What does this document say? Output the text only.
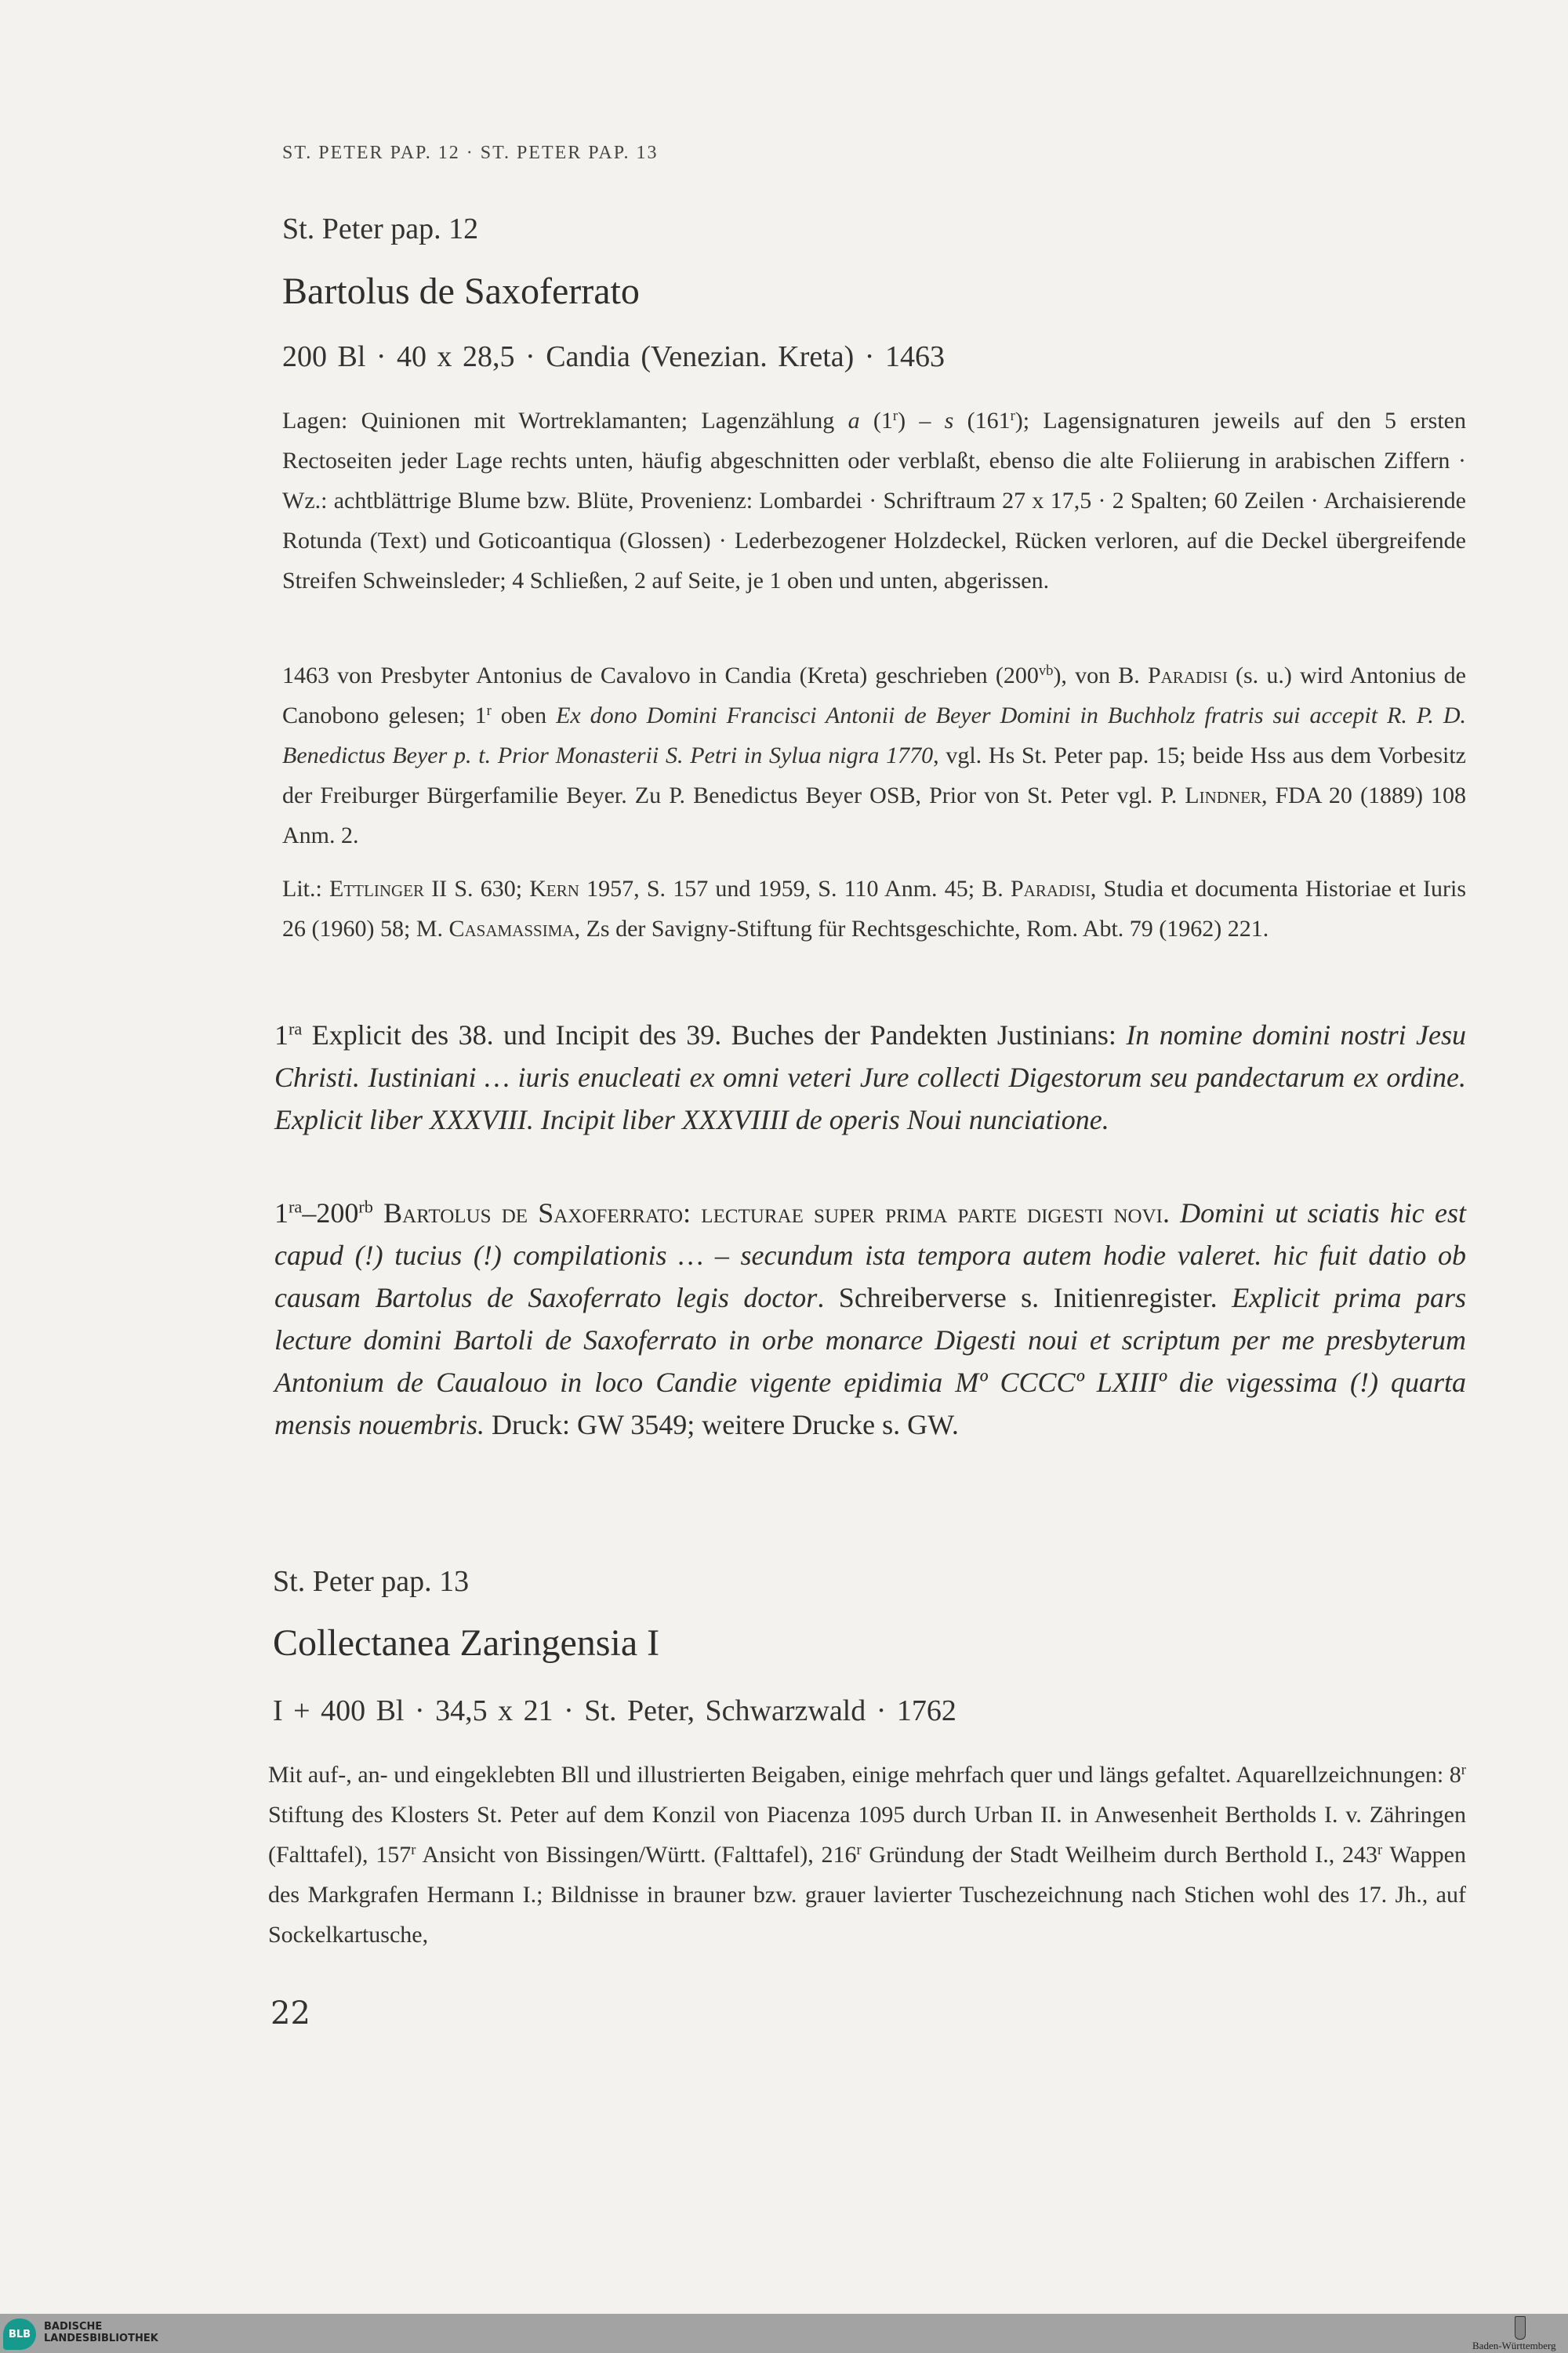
ST. PETER PAP. 12 · ST. PETER PAP. 13
St. Peter pap. 12
Bartolus de Saxoferrato
200 Bl · 40 x 28,5 · Candia (Venezian. Kreta) · 1463
Lagen: Quinionen mit Wortreklamanten; Lagenzählung a (1$^r$) – s (161$^r$); Lagensignaturen jeweils auf den 5 ersten Rectoseiten jeder Lage rechts unten, häufig abgeschnitten oder verblaßt, ebenso die alte Foliierung in arabischen Ziffern · Wz.: achtblättrige Blume bzw. Blüte, Provenienz: Lombardei · Schriftraum 27 x 17,5 · 2 Spalten; 60 Zeilen · Archaisierende Rotunda (Text) und Goticoantiqua (Glossen) · Lederbezogener Holzdeckel, Rücken verloren, auf die Deckel übergreifende Streifen Schweinsleder; 4 Schließen, 2 auf Seite, je 1 oben und unten, abgerissen.
1463 von Presbyter Antonius de Cavalovo in Candia (Kreta) geschrieben $(200^{vb})$, von B. Paradisi (s. u.) wird Antonius de Canobono gelesen; 1$^r$ oben Ex dono Domini Francisci Antonii de Beyer Domini in Buchholz fratris sui accepit R. P. D. Benedictus Beyer p. t. Prior Monasterii S. Petri in Sylua nigra 1770, vgl. Hs St. Peter pap. 15; beide Hss aus dem Vorbesitz der Freiburger Bürgerfamilie Beyer. Zu P. Benedictus Beyer OSB, Prior von St. Peter vgl. P. Lindner, FDA 20 (1889) 108 Anm. 2.
Lit.: Ettlinger II S. 630; Kern 1957, S. 157 und 1959, S. 110 Anm. 45; B. Paradisi, Studia et documenta Historiae et Iuris 26 (1960) 58; M. Casamassima, Zs der Savigny-Stiftung für Rechtsgeschichte, Rom. Abt. 79 (1962) 221.
$1^{ra}$ Explicit des 38. und Incipit des 39. Buches der Pandekten Justinians: In nomine domini nostri Jesu Christi. Iustiniani … iuris enucleati ex omni veteri Jure collecti Digestorum seu pandectarum ex ordine. Explicit liber XXXVIII. Incipit liber XXXVIIII de operis Noui nunciatione.
$1^{ra}-200^{rb}$ Bartolus de Saxoferrato: lecturae super prima parte digesti novi. Domini ut sciatis hic est capud (!) tucius (!) compilationis … – secundum ista tempora autem hodie valeret. hic fuit datio ob causam Bartolus de Saxoferrato legis doctor. Schreiberverse s. Initienregister. Explicit prima pars lecture domini Bartoli de Saxoferrato in orbe monarce Digesti noui et scriptum per me presbyterum Antonium de Caualouo in loco Candie vigente epidimia Mº CCCCº LXIIIº die vigessima (!) quarta mensis nouembris. Druck: GW 3549; weitere Drucke s. GW.
St. Peter pap. 13
Collectanea Zaringensia I
I + 400 Bl · 34,5 x 21 · St. Peter, Schwarzwald · 1762
Mit auf-, an- und eingeklebten Bll und illustrierten Beigaben, einige mehrfach quer und längs gefaltet. Aquarellzeichnungen: 8$^r$ Stiftung des Klosters St. Peter auf dem Konzil von Piacenza 1095 durch Urban II. in Anwesenheit Bertholds I. v. Zähringen (Falttafel), 157$^r$ Ansicht von Bissingen/Württ. (Falttafel), 216$^r$ Gründung der Stadt Weilheim durch Berthold I., 243$^r$ Wappen des Markgrafen Hermann I.; Bildnisse in brauner bzw. grauer lavierter Tuschezeichnung nach Stichen wohl des 17. Jh., auf Sockelkartusche,
22
BLB
BADISCHE
LANDESBIBLIOTHEK
Baden-Württemberg
